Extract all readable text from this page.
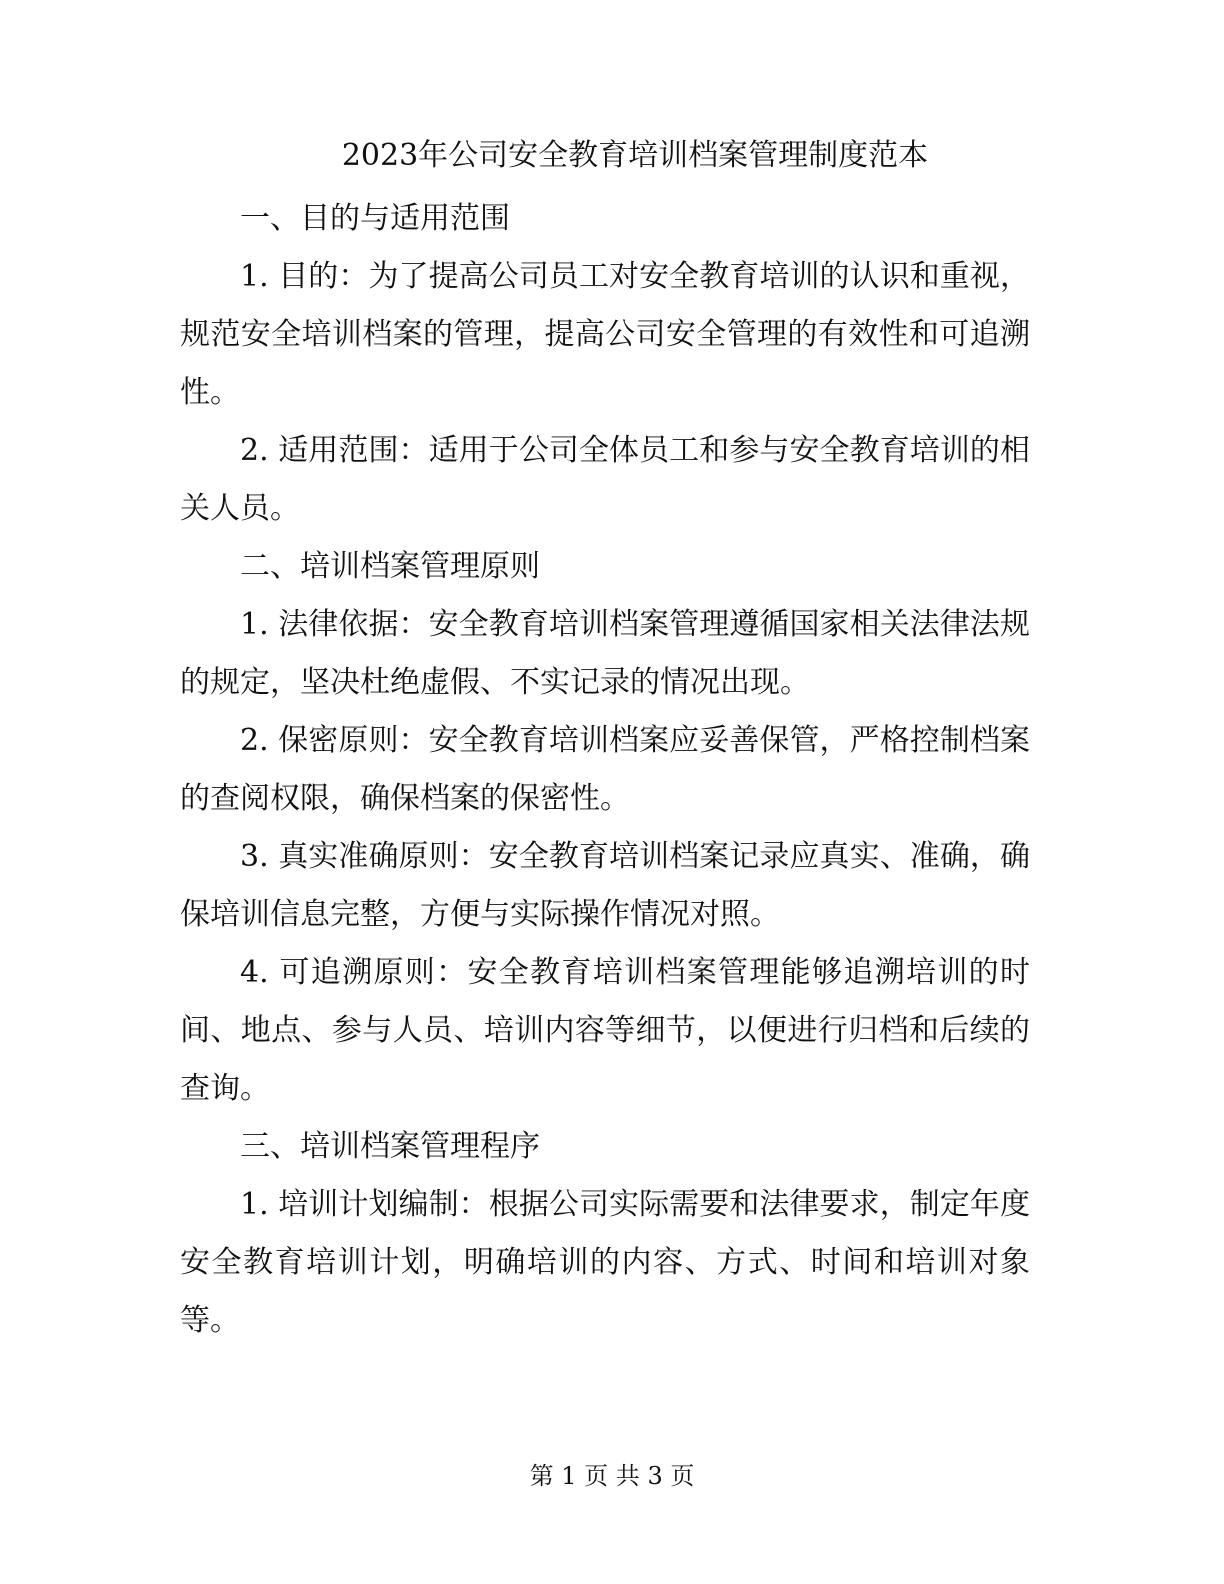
2023年公司安全教育培训档案管理制度范本

一、目的与适用范围

1. 目的：为了提高公司员工对安全教育培训的认识和重视，规范安全培训档案的管理，提高公司安全管理的有效性和可追溯性。

2. 适用范围：适用于公司全体员工和参与安全教育培训的相关人员。

二、培训档案管理原则

1. 法律依据：安全教育培训档案管理遵循国家相关法律法规的规定，坚决杜绝虚假、不实记录的情况出现。

2. 保密原则：安全教育培训档案应妥善保管，严格控制档案的查阅权限，确保档案的保密性。

3. 真实准确原则：安全教育培训档案记录应真实、准确，确保培训信息完整，方便与实际操作情况对照。

4. 可追溯原则：安全教育培训档案管理能够追溯培训的时间、地点、参与人员、培训内容等细节，以便进行归档和后续的查询。

三、培训档案管理程序

1. 培训计划编制：根据公司实际需要和法律要求，制定年度安全教育培训计划，明确培训的内容、方式、时间和培训对象等。

第 1 页 共 3 页
